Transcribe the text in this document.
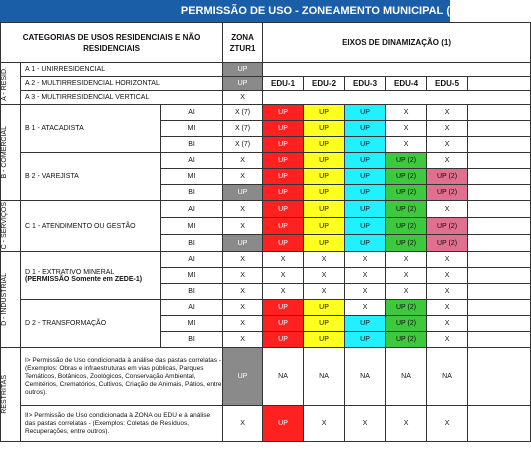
PERMISSÃO DE USO - ZONEAMENTO MUNICIPAL
(
CATEGORIAS DE USOS RESIDENCIAIS E NÃO RESIDENCIAIS			ZONA ZTUR1	EIXOS DE DINAMIZAÇÃO (1)					

A - RESID.	A 1 - UNIRRESIDENCIAL		UP						
	A 2 - MULTIRRESIDENCIAL HORIZONTAL		UP	EDU-1	EDU-2	EDU-3	EDU-4	EDU-5	
	A 3 - MULTIRRESIDENCIAL VERTICAL		X						

B - COMERCIAL	B 1 - ATACADISTA	AI	X (7)	UP	UP	UP	X	X	
		MI	X (7)	UP	UP	UP	X	X	
		BI	X (7)	UP	UP	UP	X	X	
	B 2 - VAREJISTA	AI	X	UP	UP	UP	UP (2)	X	
		MI	X	UP	UP	UP	UP (2)	UP (2)	
		BI	UP	UP	UP	UP	UP (2)	UP (2)	

C - SERVIÇOS	C 1 - ATENDIMENTO OU GESTÃO	AI	X	UP	UP	UP	UP (2)	X	
		MI	X	UP	UP	UP	UP (2)	UP (2)	
		BI	UP	UP	UP	UP	UP (2)	UP (2)	

D - INDUSTRIAL	D 1 - EXTRATIVO MINERAL
(PERMISSÃO Somente em ZEDE-1)	AI	X	X	X	X	X	X	
		MI	X	X	X	X	X	X	
		BI	X	X	X	X	X	X	
	D 2 - TRANSFORMAÇÃO	AI	X	UP	UP	X	UP (2)	X	
		MI	X	UP	UP	UP	UP (2)	X	
		BI	X	UP	UP	UP	UP (2)	X	

RESTRITAS	I> Permissão de Uso condicionada à análise das pastas correlatas - (Exemplos: Obras e infraestruturas em vias públicas, Parques Temáticos, Botânicos, Zoológicos, Conservação Ambiental, Cemitérios, Crematórios, Cultivos, Criação de Animais, Pátios, entre outros).		UP	NA	NA	NA	NA	NA	
	II> Permissão de Uso condicionada à ZONA ou EDU e à análise das pastas correlatas - (Exemplos: Coletas de Resíduos, Recuperações, entre outros).		X	UP	X	X	X	X	
